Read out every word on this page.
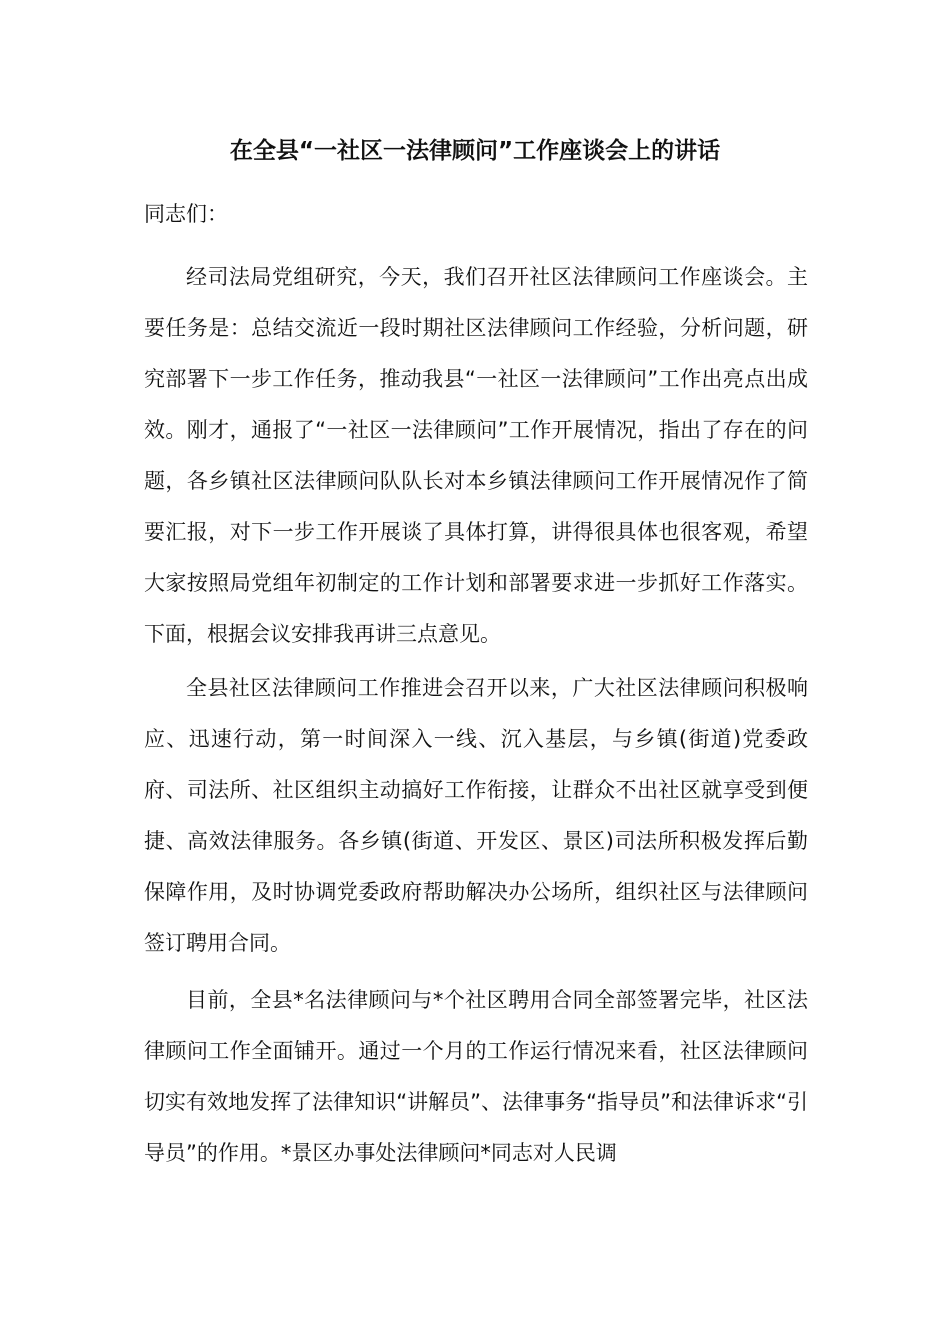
在全县“一社区一法律顾问”工作座谈会上的讲话

同志们：

经司法局党组研究，今天，我们召开社区法律顾问工作座谈会。主要任务是：总结交流近一段时期社区法律顾问工作经验，分析问题，研究部署下一步工作任务，推动我县“一社区一法律顾问”工作出亮点出成效。刚才，通报了“一社区一法律顾问”工作开展情况，指出了存在的问题，各乡镇社区法律顾问队队长对本乡镇法律顾问工作开展情况作了简要汇报，对下一步工作开展谈了具体打算，讲得很具体也很客观，希望大家按照局党组年初制定的工作计划和部署要求进一步抓好工作落实。下面，根据会议安排我再讲三点意见。

全县社区法律顾问工作推进会召开以来，广大社区法律顾问积极响应、迅速行动，第一时间深入一线、沉入基层，与乡镇(街道)党委政府、司法所、社区组织主动搞好工作衔接，让群众不出社区就享受到便捷、高效法律服务。各乡镇(街道、开发区、景区)司法所积极发挥后勤保障作用，及时协调党委政府帮助解决办公场所，组织社区与法律顾问签订聘用合同。

目前，全县*名法律顾问与*个社区聘用合同全部签署完毕，社区法律顾问工作全面铺开。通过一个月的工作运行情况来看，社区法律顾问切实有效地发挥了法律知识“讲解员”、法律事务“指导员”和法律诉求“引导员”的作用。*景区办事处法律顾问*同志对人民调
